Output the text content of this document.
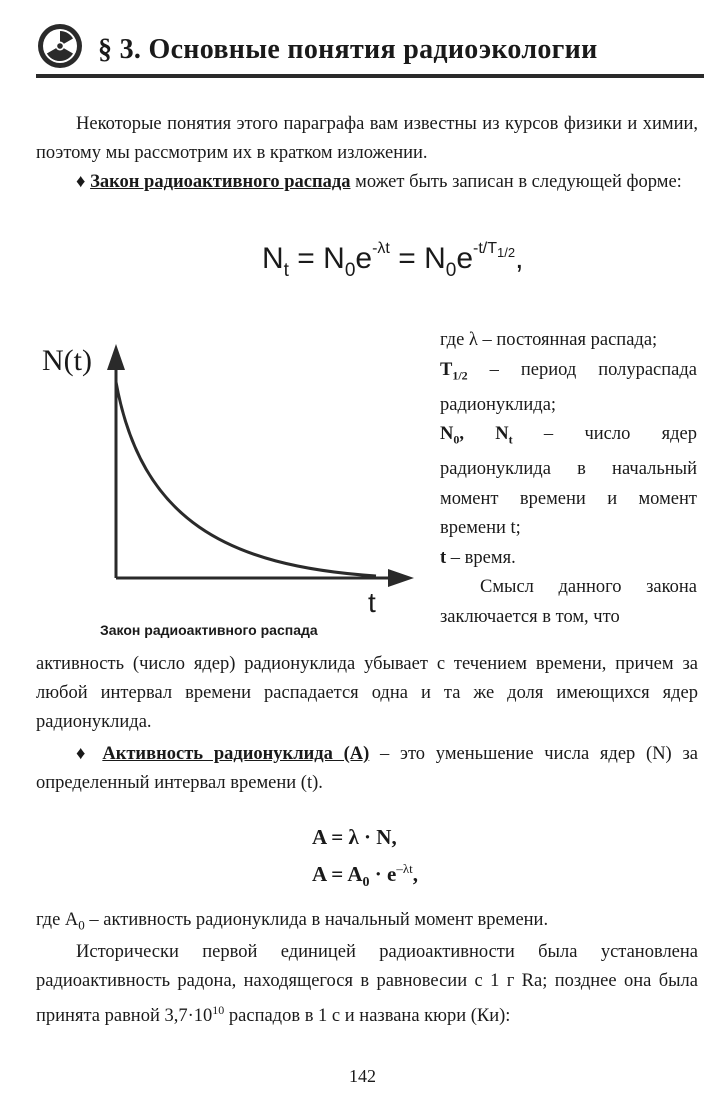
§ 3. Основные понятия радиоэкологии
Некоторые понятия этого параграфа вам известны из курсов физики и химии, поэтому мы рассмотрим их в кратком изложении.
♦ Закон радиоактивного распада может быть записан в следующей форме:
$N_t = N_0e^{-\lambda t} = N_0e^{-t/T_{1/2}}$,
N(t)
t
Закон радиоактивного распада
где λ – постоянная распада;
$T_{1/2}$ – период полураспада радионуклида;
$N_0$, $N_t$ – число ядер радионуклида в начальный момент времени и момент времени t;
t – время.
Смысл данного закона заключается в том, что
активность (число ядер) радионуклида убывает с течением времени, причем за любой интервал времени распадается одна и та же доля имеющихся ядер радионуклида.
♦ Активность радионуклида (А) – это уменьшение числа ядер (N) за определенный интервал времени (t).
A = λ · N,
$A = A_0 \cdot e^{-\lambda t}$,
где $A_0$ – активность радионуклида в начальный момент времени.
Исторически первой единицей радиоактивности была установлена радиоактивность радона, находящегося в равновесии с 1 г Ra; позднее она была принята равной $3,7\cdot 10^{10}$ распадов в 1 с и названа кюри (Ки):
142
